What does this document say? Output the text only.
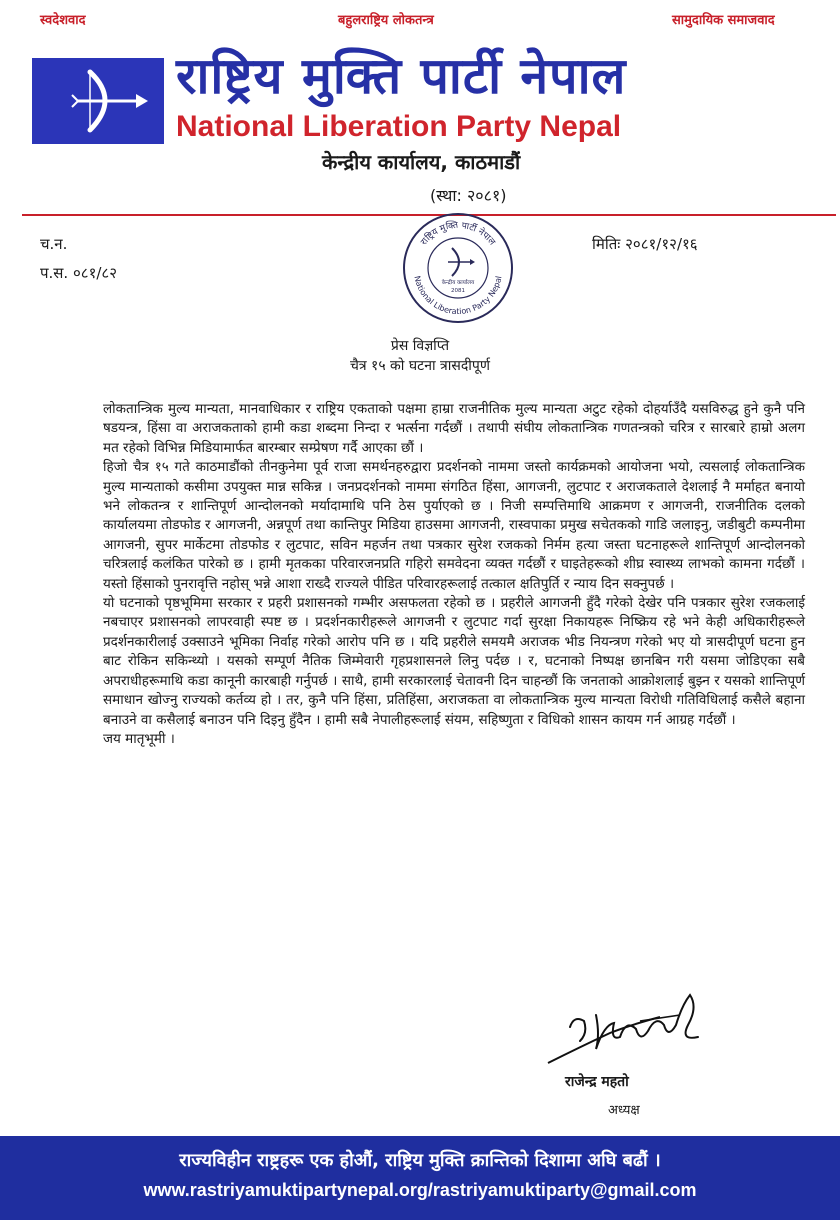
स्वदेशवाद	बहुलराष्ट्रिय लोकतन्त्र	सामुदायिक समाजवाद
राष्ट्रिय मुक्ति पार्टी नेपाल
National Liberation Party Nepal
केन्द्रीय कार्यालय, काठमाडौं
(स्था: २०८१)
च.न.
प.स. ०८१/८२
मितिः २०८१/१२/१६
राष्ट्रिय मुक्ति पार्टी नेपाल
National Liberation Party Nepal
केन्द्रीय कार्यालय
2081
प्रेस विज्ञप्ति
चैत्र १५ को घटना त्रासदीपूर्ण

लोकतान्त्रिक मुल्य मान्यता, मानवाधिकार र राष्ट्रिय एकताको पक्षमा हाम्रा राजनीतिक मुल्य मान्यता अटुट रहेको दोहर्याउँदै यसविरुद्ध हुने कुनै पनि षडयन्त्र, हिंसा वा अराजकताको हामी कडा शब्दमा निन्दा र भर्त्सना गर्दछौं । तथापी संघीय लोकतान्त्रिक गणतन्त्रको चरित्र र सारबारे हाम्रो अलग मत रहेको विभिन्न मिडियामार्फत बारम्बार सम्प्रेषण गर्दै आएका छौं ।

हिजो चैत्र १५ गते काठमाडौंको तीनकुनेमा पूर्व राजा समर्थनहरुद्वारा प्रदर्शनको नाममा जस्तो कार्यक्रमको आयोजना भयो, त्यसलाई लोकतान्त्रिक मुल्य मान्यताको कसीमा उपयुक्त मान्न सकिन्न । जनप्रदर्शनको नाममा संगठित हिंसा, आगजनी, लुटपाट र अराजकताले देशलाई नै मर्माहत बनायो भने लोकतन्त्र र शान्तिपूर्ण आन्दोलनको मर्यादामाथि पनि ठेस पुर्याएको छ । निजी सम्पत्तिमाथि आक्रमण र आगजनी, राजनीतिक दलको कार्यालयमा तोडफोड र आगजनी, अन्नपूर्ण तथा कान्तिपुर मिडिया हाउसमा आगजनी, रास्वपाका प्रमुख सचेतकको गाडि जलाइनु, जडीबुटी कम्पनीमा आगजनी, सुपर मार्केटमा तोडफोड र लुटपाट, सविन महर्जन तथा पत्रकार सुरेश रजकको निर्मम हत्या जस्ता घटनाहरूले शान्तिपूर्ण आन्दोलनको चरित्रलाई कलंकित पारेको छ । हामी मृतकका परिवारजनप्रति गहिरो समवेदना व्यक्त गर्दछौं र घाइतेहरूको शीघ्र स्वास्थ्य लाभको कामना गर्दछौं । यस्तो हिंसाको पुनरावृत्ति नहोस् भन्ने आशा राख्दै राज्यले पीडित परिवारहरूलाई तत्काल क्षतिपुर्ति र न्याय दिन सक्नुपर्छ ।

यो घटनाको पृष्ठभूमिमा सरकार र प्रहरी प्रशासनको गम्भीर असफलता रहेको छ । प्रहरीले आगजनी हुँदै गरेको देखेर पनि पत्रकार सुरेश रजकलाई नबचाएर प्रशासनको लापरवाही स्पष्ट छ । प्रदर्शनकारीहरूले आगजनी र लुटपाट गर्दा सुरक्षा निकायहरू निष्क्रिय रहे भने केही अधिकारीहरूले प्रदर्शनकारीलाई उक्साउने भूमिका निर्वाह गरेको आरोप पनि छ । यदि प्रहरीले समयमै अराजक भीड नियन्त्रण गरेको भए यो त्रासदीपूर्ण घटना हुन बाट रोकिन सकिन्थ्यो । यसको सम्पूर्ण नैतिक जिम्मेवारी गृहप्रशासनले लिनु पर्दछ । र, घटनाको निष्पक्ष छानबिन गरी यसमा जोडिएका सबै अपराधीहरूमाथि कडा कानूनी कारबाही गर्नुपर्छ । साथै, हामी सरकारलाई चेतावनी दिन चाहन्छौं कि जनताको आक्रोशलाई बुझ्न र यसको शान्तिपूर्ण समाधान खोज्नु राज्यको कर्तव्य हो । तर, कुनै पनि हिंसा, प्रतिहिंसा, अराजकता वा लोकतान्त्रिक मुल्य मान्यता विरोधी गतिविधिलाई कसैले बहाना बनाउने वा कसैलाई बनाउन पनि दिइनु हुँदैन । हामी सबै नेपालीहरूलाई संयम, सहिष्णुता र विधिको शासन कायम गर्न आग्रह गर्दछौं ।

जय मातृभूमी ।

राजेन्द्र महतो
अध्यक्ष
राज्यविहीन राष्ट्रहरू एक होऔं, राष्ट्रिय मुक्ति क्रान्तिको दिशामा अघि बढौं ।
www.rastriyamuktipartynepal.org/rastriyamuktiparty@gmail.com
